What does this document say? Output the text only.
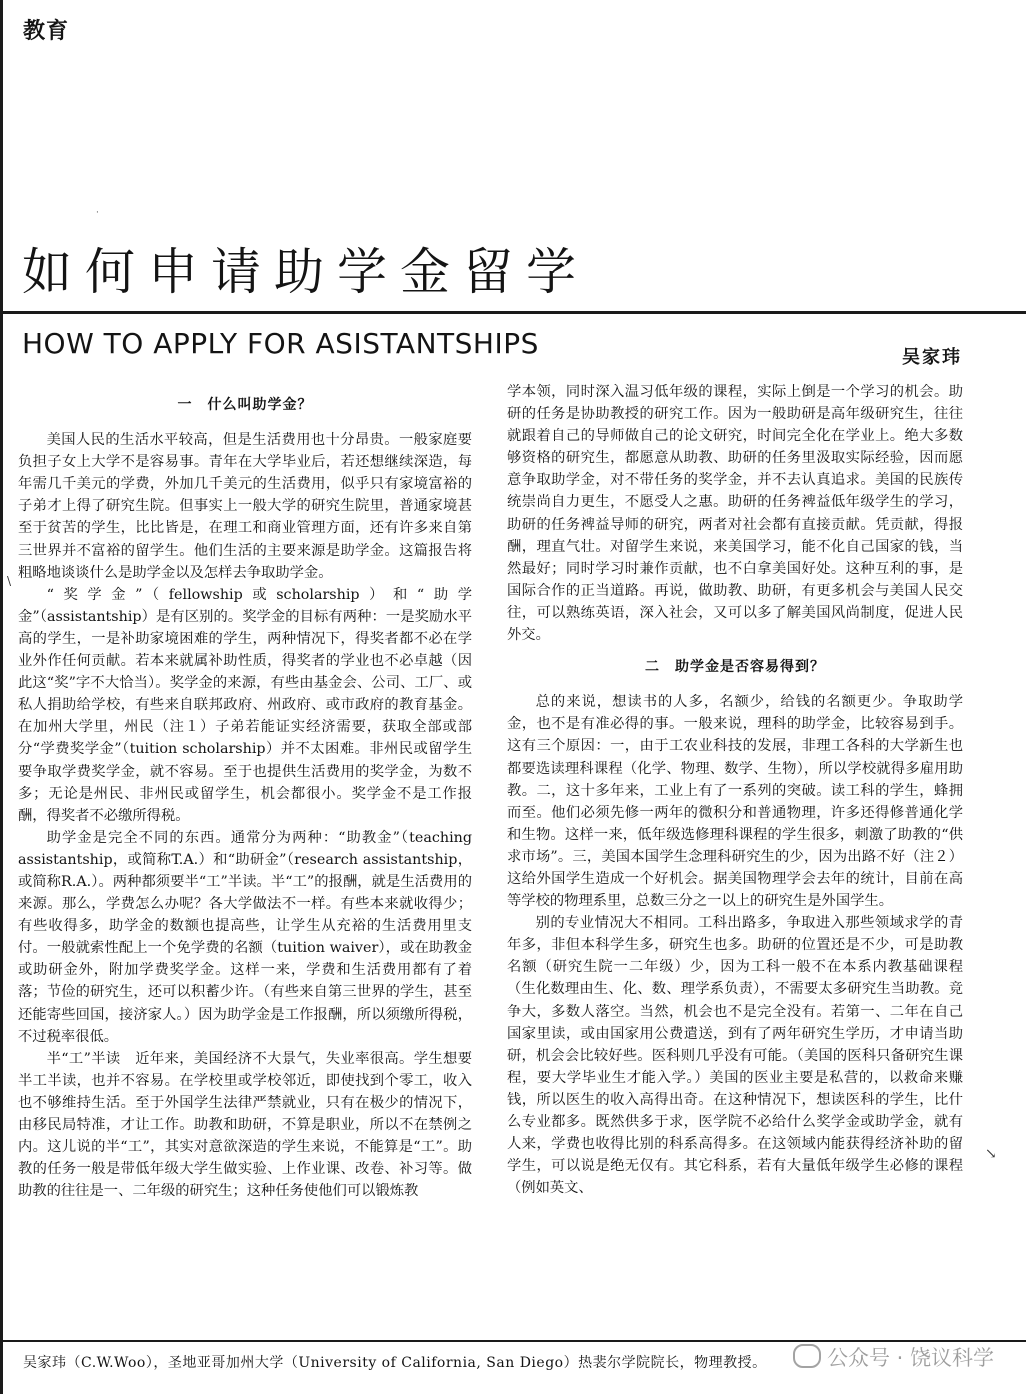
教育
·
\
↘
如何申请助学金留学
HOW TO APPLY FOR ASISTANTSHIPS	吴家玮
一　什么叫助学金？

美国人民的生活水平较高，但是生活费用也十分昂贵。一般家庭要负担子女上大学不是容易事。青年在大学毕业后，若还想继续深造，每年需几千美元的学费，外加几千美元的生活费用，似乎只有家境富裕的子弟才上得了研究生院。但事实上一般大学的研究生院里，普通家境甚至于贫苦的学生，比比皆是，在理工和商业管理方面，还有许多来自第三世界并不富裕的留学生。他们生活的主要来源是助学金。这篇报告将粗略地谈谈什么是助学金以及怎样去争取助学金。

“奖学金”（fellowship或scholarship）和“助学金”（assistantship）是有区别的。奖学金的目标有两种：一是奖励水平高的学生，一是补助家境困难的学生，两种情况下，得奖者都不必在学业外作任何贡献。若本来就属补助性质，得奖者的学业也不必卓越（因此这“奖”字不大恰当）。奖学金的来源，有些由基金会、公司、工厂、或私人捐助给学校，有些来自联邦政府、州政府、或市政府的教育基金。在加州大学里，州民（注１）子弟若能证实经济需要，获取全部或部分“学费奖学金”（tuition scholarship）并不太困难。非州民或留学生要争取学费奖学金，就不容易。至于也提供生活费用的奖学金，为数不多；无论是州民、非州民或留学生，机会都很小。奖学金不是工作报酬，得奖者不必缴所得税。

助学金是完全不同的东西。通常分为两种：“助教金”（teaching assistantship，或简称T.A.）和“助研金”（research assistantship，或简称R.A.）。两种都须要半“工”半读。半“工”的报酬，就是生活费用的来源。那么，学费怎么办呢？各大学做法不一样。有些本来就收得少；有些收得多，助学金的数额也提高些，让学生从充裕的生活费用里支付。一般就索性配上一个免学费的名额（tuition waiver），或在助教金或助研金外，附加学费奖学金。这样一来，学费和生活费用都有了着落；节俭的研究生，还可以积蓄少许。（有些来自第三世界的学生，甚至还能寄些回国，接济家人。）因为助学金是工作报酬，所以须缴所得税，不过税率很低。

半“工”半读　近年来，美国经济不大景气，失业率很高。学生想要半工半读，也并不容易。在学校里或学校邻近，即使找到个零工，收入也不够维持生活。至于外国学生法律严禁就业，只有在极少的情况下，由移民局特准，才让工作。助教和助研，不算是职业，所以不在禁例之内。这儿说的半“工”，其实对意欲深造的学生来说，不能算是“工”。助教的任务一般是带低年级大学生做实验、上作业课、改卷、补习等。做助教的往往是一、二年级的研究生；这种任务使他们可以锻炼教

学本领，同时深入温习低年级的课程，实际上倒是一个学习的机会。助研的任务是协助教授的研究工作。因为一般助研是高年级研究生，往往就跟着自己的导师做自己的论文研究，时间完全化在学业上。绝大多数够资格的研究生，都愿意从助教、助研的任务里汲取实际经验，因而愿意争取助学金，对不带任务的奖学金，并不去认真追求。美国的民族传统崇尚自力更生，不愿受人之惠。助研的任务裨益低年级学生的学习，助研的任务裨益导师的研究，两者对社会都有直接贡献。凭贡献，得报酬，理直气壮。对留学生来说，来美国学习，能不化自己国家的钱，当然最好；同时学习时兼作贡献，也不白拿美国好处。这种互利的事，是国际合作的正当道路。再说，做助教、助研，有更多机会与美国人民交往，可以熟练英语，深入社会，又可以多了解美国风尚制度，促进人民外交。

二　助学金是否容易得到？

总的来说，想读书的人多，名额少，给钱的名额更少。争取助学金，也不是有准必得的事。一般来说，理科的助学金，比较容易到手。这有三个原因：一，由于工农业科技的发展，非理工各科的大学新生也都要选读理科课程（化学、物理、数学、生物），所以学校就得多雇用助教。二，这十多年来，工业上有了一系列的突破。读工科的学生，蜂拥而至。他们必须先修一两年的微积分和普通物理，许多还得修普通化学和生物。这样一来，低年级选修理科课程的学生很多，刺激了助教的“供求市场”。三，美国本国学生念理科研究生的少，因为出路不好（注２）这给外国学生造成一个好机会。据美国物理学会去年的统计，目前在高等学校的物理系里，总数三分之一以上的研究生是外国学生。

别的专业情况大不相同。工科出路多，争取进入那些领域求学的青年多，非但本科学生多，研究生也多。助研的位置还是不少，可是助教名额（研究生院一二年级）少，因为工科一般不在本系内教基础课程（生化数理由生、化、数、理学系负责），不需要太多研究生当助教。竞争大，多数人落空。当然，机会也不是完全没有。若第一、二年在自己国家里读，或由国家用公费遣送，到有了两年研究生学历，才申请当助研，机会会比较好些。医科则几乎没有可能。（美国的医科只备研究生课程，要大学毕业生才能入学。）美国的医业主要是私营的，以救命来赚钱，所以医生的收入高得出奇。在这种情况下，想读医科的学生，比什么专业都多。既然供多于求，医学院不必给什么奖学金或助学金，就有人来，学费也收得比别的科系高得多。在这领域内能获得经济补助的留学生，可以说是绝无仅有。其它科系，若有大量低年级学生必修的课程（例如英文、

吴家玮（C.W.Woo），圣地亚哥加州大学（University of California, San Diego）热裴尔学院院长，物理教授。	公众号 · 饶议科学
